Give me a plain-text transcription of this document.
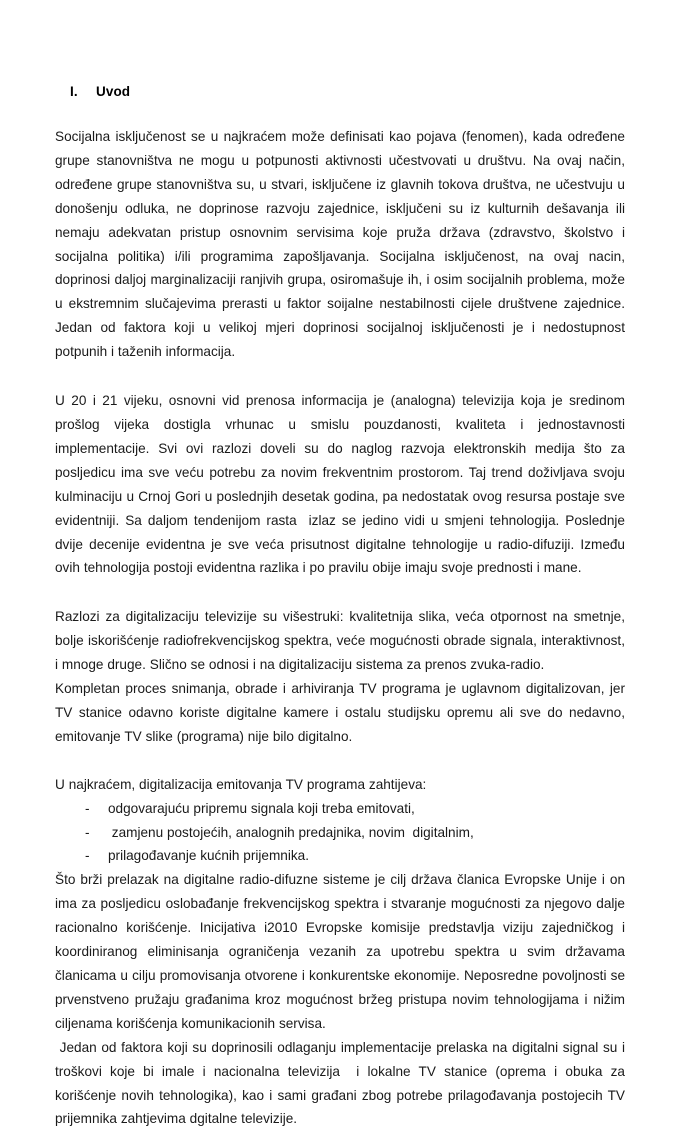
I.	Uvod

Socijalna isključenost se u najkraćem može definisati kao pojava (fenomen), kada određene grupe stanovništva ne mogu u potpunosti aktivnosti učestvovati u društvu. Na ovaj način, određene grupe stanovništva su, u stvari, isključene iz glavnih tokova društva, ne učestvuju u donošenju odluka, ne doprinose razvoju zajednice, isključeni su iz kulturnih dešavanja ili nemaju adekvatan pristup osnovnim servisima koje pruža država (zdravstvo, školstvo i socijalna politika) i/ili programima zapošljavanja. Socijalna isključenost, na ovaj nacin, doprinosi daljoj marginalizaciji ranjivih grupa, osiromašuje ih, i osim socijalnih problema, može u ekstremnim slučajevima prerasti u faktor soijalne nestabilnosti cijele društvene zajednice. Jedan od faktora koji u velikoj mjeri doprinosi socijalnoj isključenosti je i nedostupnost potpunih i taženih informacija.

U 20 i 21 vijeku, osnovni vid prenosa informacija je (analogna) televizija koja je sredinom prošlog vijeka dostigla vrhunac u smislu pouzdanosti, kvaliteta i jednostavnosti implementacije. Svi ovi razlozi doveli su do naglog razvoja elektronskih medija što za posljedicu ima sve veću potrebu za novim frekventnim prostorom. Taj trend doživljava svoju kulminaciju u Crnoj Gori u poslednjih desetak godina, pa nedostatak ovog resursa postaje sve evidentniji. Sa daljom tendenijom rasta  izlaz se jedino vidi u smjeni tehnologija. Poslednje dvije decenije evidentna je sve veća prisutnost digitalne tehnologije u radio-difuziji. Između ovih tehnologija postoji evidentna razlika i po pravilu obije imaju svoje prednosti i mane.

Razlozi za digitalizaciju televizije su višestruki: kvalitetnija slika, veća otpornost na smetnje, bolje iskorišćenje radiofrekvencijskog spektra, veće mogućnosti obrade signala, interaktivnost, i mnoge druge. Slično se odnosi i na digitalizaciju sistema za prenos zvuka-radio.

Kompletan proces snimanja, obrade i arhiviranja TV programa je uglavnom digitalizovan, jer TV stanice odavno koriste digitalne kamere i ostalu studijsku opremu ali sve do nedavno, emitovanje TV slike (programa) nije bilo digitalno.

U najkraćem, digitalizacija emitovanja TV programa zahtijeva:

-	odgovarajuću pripremu signala koji treba emitovati,
-	zamjenu postojećih, analognih predajnika, novim  digitalnim,
-	prilagođavanje kućnih prijemnika.

Što brži prelazak na digitalne radio-difuzne sisteme je cilj država članica Evropske Unije i on ima za posljedicu oslobađanje frekvencijskog spektra i stvaranje mogućnosti za njegovo dalje racionalno korišćenje. Inicijativa i2010 Evropske komisije predstavlja viziju zajedničkog i koordiniranog eliminisanja ograničenja vezanih za upotrebu spektra u svim državama članicama u cilju promovisanja otvorene i konkurentske ekonomije. Neposredne povoljnosti se prvenstveno pružaju građanima kroz mogućnost bržeg pristupa novim tehnologijama i nižim ciljenama korišćenja komunikacionih servisa.

Jedan od faktora koji su doprinosili odlaganju implementacije prelaska na digitalni signal su i troškovi koje bi imale i nacionalna televizija  i lokalne TV stanice (oprema i obuka za korišćenje novih tehnologika), kao i sami građani zbog potrebe prilagođavanja postojecih TV prijemnika zahtjevima dgitalne televizije.
